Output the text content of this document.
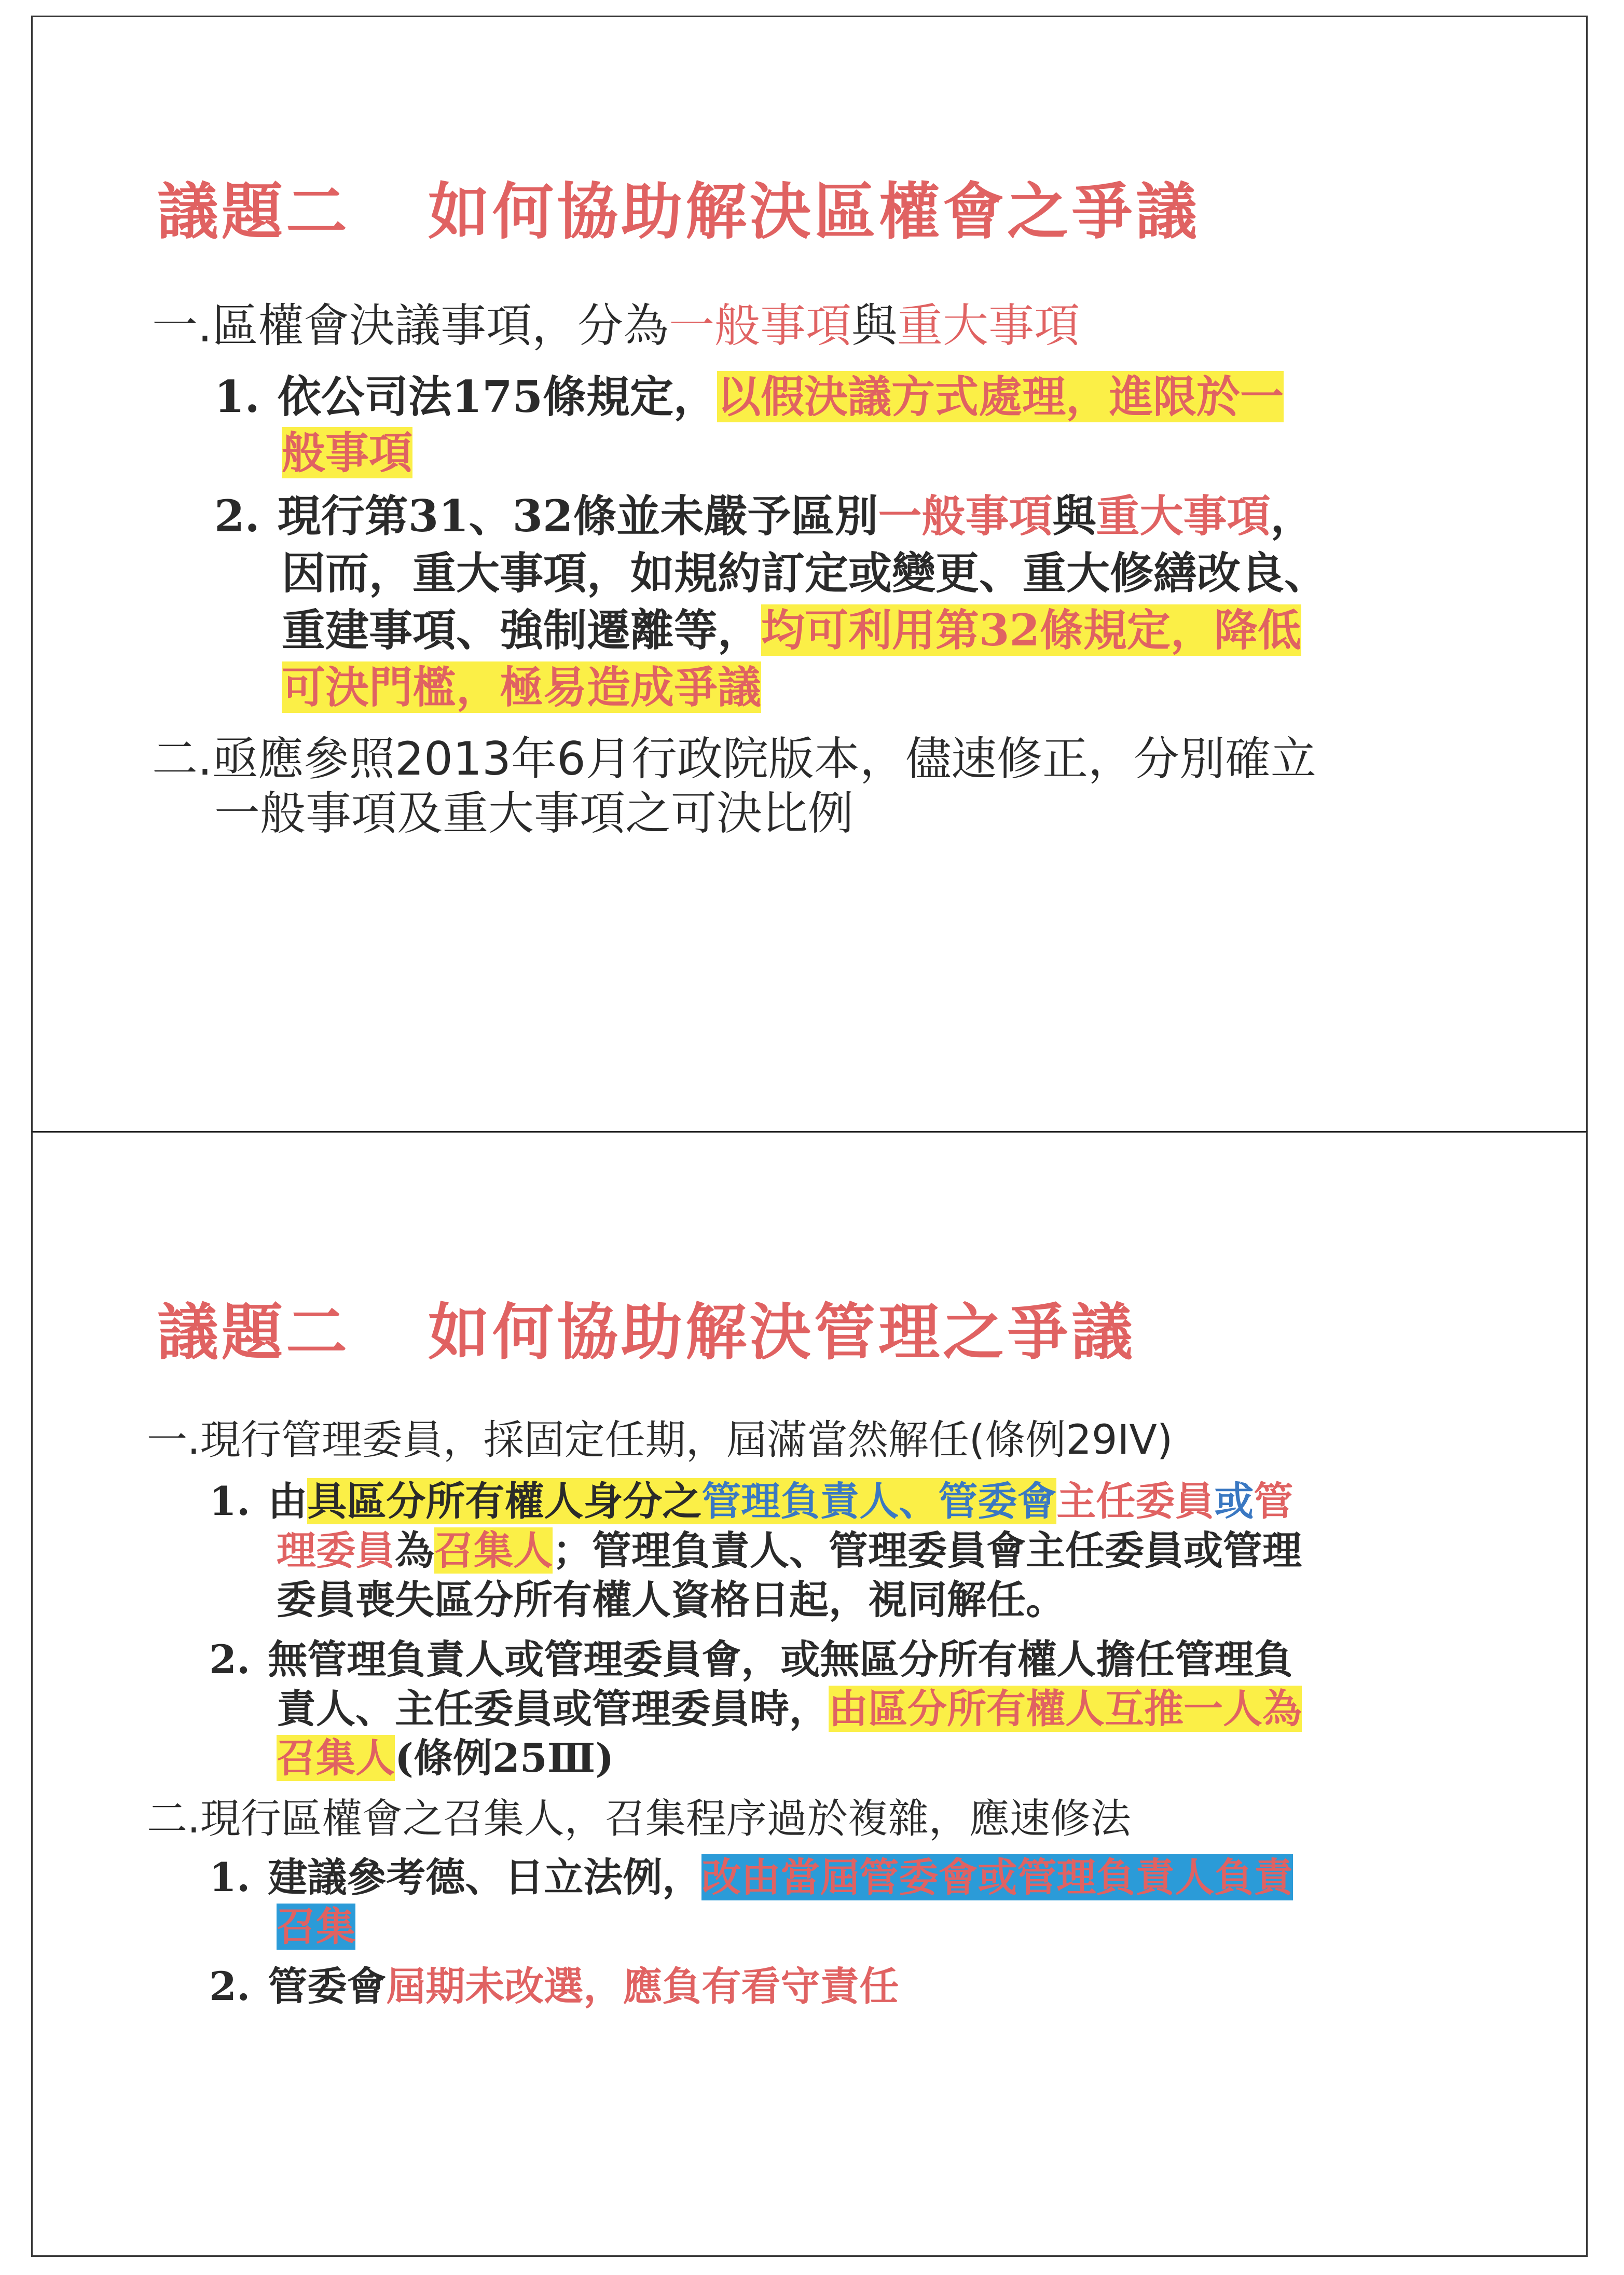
議題二 如何協助解決區權會之爭議
一.區權會決議事項，分為一般事項與重大事項
1. 依公司法175條規定，以假決議方式處理，進限於一
般事項
2. 現行第31、32條並未嚴予區別一般事項與重大事項，
因而，重大事項，如規約訂定或變更、重大修繕改良、
重建事項、強制遷離等，均可利用第32條規定，降低
可決門檻，極易造成爭議
二.亟應參照2013年6月行政院版本，儘速修正，分別確立
一般事項及重大事項之可決比例
議題二 如何協助解決管理之爭議
一.現行管理委員，採固定任期，屆滿當然解任(條例29IV)
1. 由具區分所有權人身分之管理負責人、管委會主任委員或管
理委員為召集人；管理負責人、管理委員會主任委員或管理
委員喪失區分所有權人資格日起，視同解任。
2. 無管理負責人或管理委員會，或無區分所有權人擔任管理負
責人、主任委員或管理委員時，由區分所有權人互推一人為
召集人(條例25Ⅲ)
二.現行區權會之召集人，召集程序過於複雜，應速修法
1. 建議參考德、日立法例，改由當屆管委會或管理負責人負責
召集
2. 管委會屆期未改選，應負有看守責任
